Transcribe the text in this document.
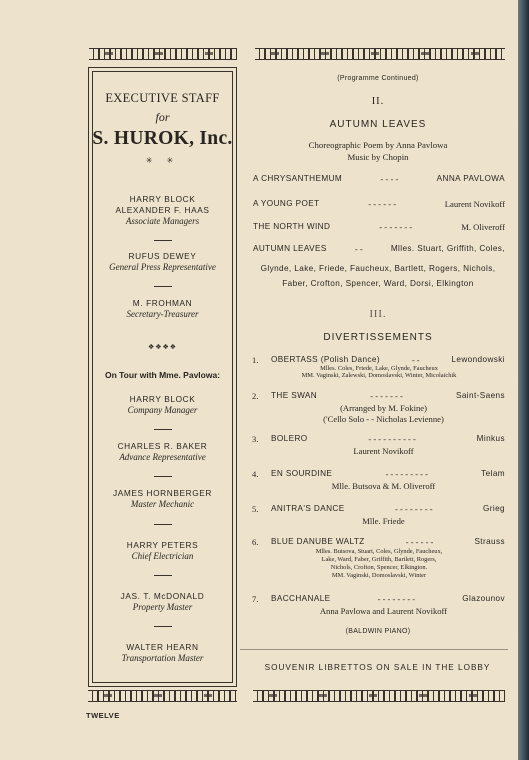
EXECUTIVE STAFF
for
S. HUROK, Inc.
✳ ✳
HARRY BLOCK
ALEXANDER F. HAAS
Associate Managers
RUFUS DEWEY
General Press Representative
M. FROHMAN
Secretary-Treasurer
❖❖❖❖
On Tour with Mme. Pavlowa:
HARRY BLOCK
Company Manager
CHARLES R. BAKER
Advance Representative
JAMES HORNBERGER
Master Mechanic
HARRY PETERS
Chief Electrician
JAS. T. McDONALD
Property Master
WALTER HEARN
Transportation Master
(Programme Continued)
II.
AUTUMN LEAVES
Choreographic Poem by Anna Pavlowa
Music by Chopin
A CHRYSANTHEMUM	- - - -	ANNA PAVLOWA
A YOUNG POET	- - - - - -	Laurent Novikoff
THE NORTH WIND	- - - - - - -	M. Oliveroff
AUTUMN LEAVES	- -	Mlles. Stuart, Griffith, Coles,
Glynde, Lake, Friede, Faucheux, Bartlett, Rogers, Nichols,
Faber, Crofton, Spencer, Ward, Dorsi, Elkington
III.
DIVERTISSEMENTS
1. OBERTASS (Polish Dance)	- -	Lewondowski
Mlles. Coles, Friede, Lake, Glynde, Faucheux
MM. Vaginski, Zalewski, Domoslavski, Winter, Micolaichik
2. THE SWAN	- - - - - - -	Saint-Saens
(Arranged by M. Fokine)
('Cello Solo - - Nicholas Levienne)
3. BOLERO	- - - - - - - - - -	Minkus
Laurent Novikoff
4. EN SOURDINE	- - - - - - - - -	Telam
Mlle. Butsova & M. Oliveroff
5. ANITRA'S DANCE	- - - - - - - -	Grieg
Mlle. Friede
6. BLUE DANUBE WALTZ	- - - - - -	Strauss
Mlles. Butsova, Stuart, Coles, Glynde, Faucheux,
Lake, Ward, Faber, Griffith, Bartlett, Rogers,
Nichols, Crofton, Spencer, Elkington.
MM. Vaginski, Domoslavski, Winter
7. BACCHANALE	- - - - - - - -	Glazounov
Anna Pavlowa and Laurent Novikoff
(BALDWIN PIANO)
SOUVENIR LIBRETTOS ON SALE IN THE LOBBY
TWELVE
